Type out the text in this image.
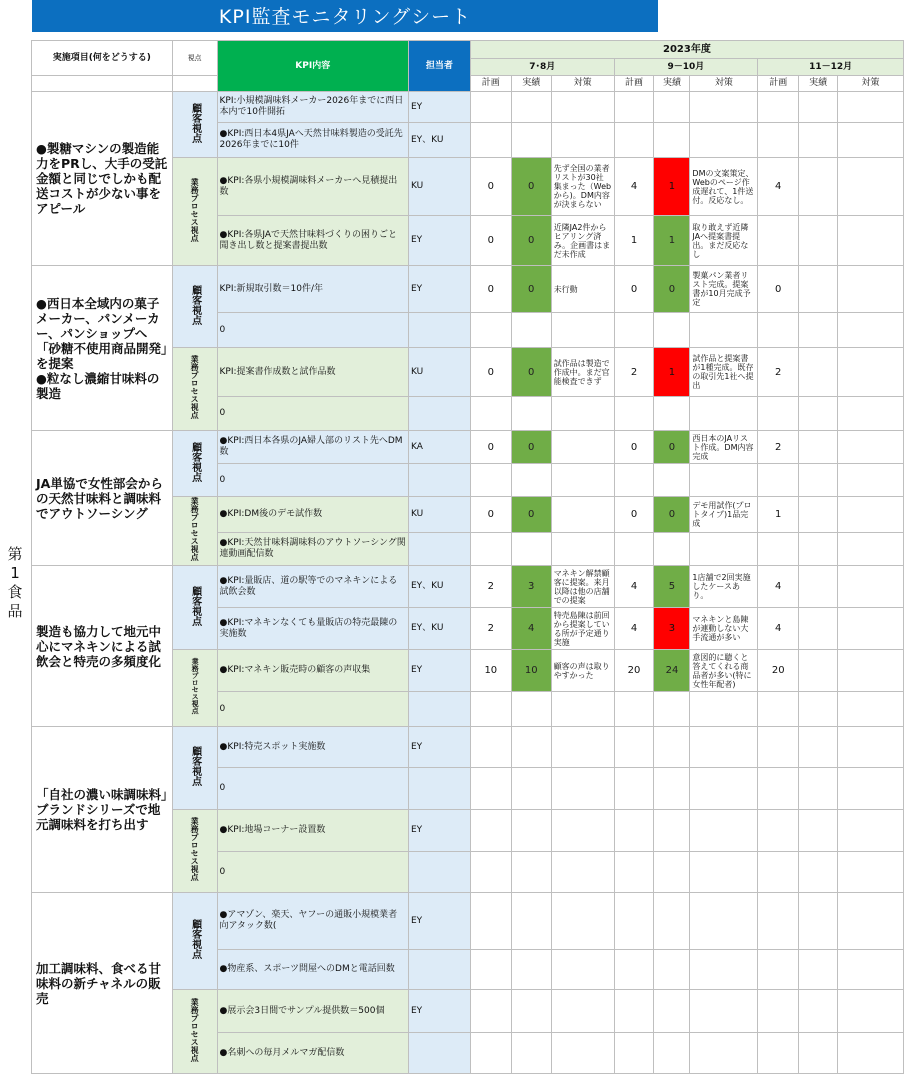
KPI監査モニタリングシート
第1食品
実施項目(何をどうする)	視点	KPI内容	担当者	2023年度								
				7･8月			9－10月			11－12月		
				計画	実績	対策	計画	実績	対策	計画	実績	対策
●製糖マシンの製造能力をPRし、大手の受託金額と同じでしかも配送コストが少ない事をアピール	顧客視点	KPI:小規模調味料メーカー2026年までに西日本内で10件開拓	EY									
		●KPI:西日本4県JAへ天然甘味料製造の受託先2026年までに10件	EY、KU									
	業務プロセス視点	●KPI:各県小規模調味料メーカーへ見積提出数	KU	0	0	先ず全国の業者リストが30社集まった（Webから)。DM内容が決まらない	4	1	DMの文案策定、Webのページ作成遅れて、1件送付。反応なし。	4		
		●KPI:各県JAで天然甘味料づくりの困りごと聞き出し数と提案書提出数	EY	0	0	近隣JA2件からヒアリング済み。企画書はまだ未作成	1	1	取り敢えず近隣JAへ提案書提出。まだ反応なし			
●西日本全域内の菓子メーカー、パンメーカー、パンショップへ「砂糖不使用商品開発」を提案
●粒なし濃縮甘味料の製造	顧客視点	KPI:新規取引数＝10件/年	EY	0	0	未行動	0	0	製菓パン業者リスト完成。提案書が10月完成予定	0		
		0										
	業務プロセス視点	KPI:提案書作成数と試作品数	KU	0	0	試作品は製造で作成中。まだ官能検査できず	2	1	試作品と提案書が1種完成。既存の取引先1社へ提出	2		
		0										
JA単協で女性部会からの天然甘味料と調味料でアウトソーシング	顧客視点	●KPI:西日本各県のJA婦人部のリスト先へDM数	KA	0	0		0	0	西日本のJAリスト作成。DM内容完成	2		
		0										
	業務プロセス視点	●KPI:DM後のデモ試作数	KU	0	0		0	0	デモ用試作(プロトタイプ)1品完成	1		
		●KPI:天然甘味料調味料のアウトソーシング関連動画配信数										
製造も協力して地元中心にマネキンによる試飲会と特売の多頻度化	顧客視点	●KPI:量販店、道の駅等でのマネキンによる試飲会数	EY、KU	2	3	マネキン解禁顧客に提案。来月以降は他の店舗での提案	4	5	1店舗で2回実施したケースあり。	4		
		●KPI:マネキンなくても量販店の特売最陳の実施数	EY、KU	2	4	特売島陳は前回から提案している所が予定通り実施	4	3	マネキンと島陳が連動しない大手流通が多い	4		
	業務プロセス視点	●KPI:マネキン販売時の顧客の声収集	EY	10	10	顧客の声は取りやすかった	20	24	意図的に聴くと答えてくれる商品者が多い(特に女性年配者)	20		
		0										
「自社の濃い味調味料」ブランドシリーズで地元調味料を打ち出す	顧客視点	●KPI:特売スポット実施数	EY									
		0										
	業務プロセス視点	●KPI:地場コーナー設置数	EY									
		0										
加工調味料、食べる甘味料の新チャネルの販売	顧客視点	●アマゾン、楽天、ヤフーの通販小規模業者向アタック数(	EY									
		●物産系、スポーツ問屋へのDMと電話回数										
	業務プロセス視点	●展示会3日間でサンプル提供数＝500個	EY									
		●名刺への毎月メルマガ配信数										
